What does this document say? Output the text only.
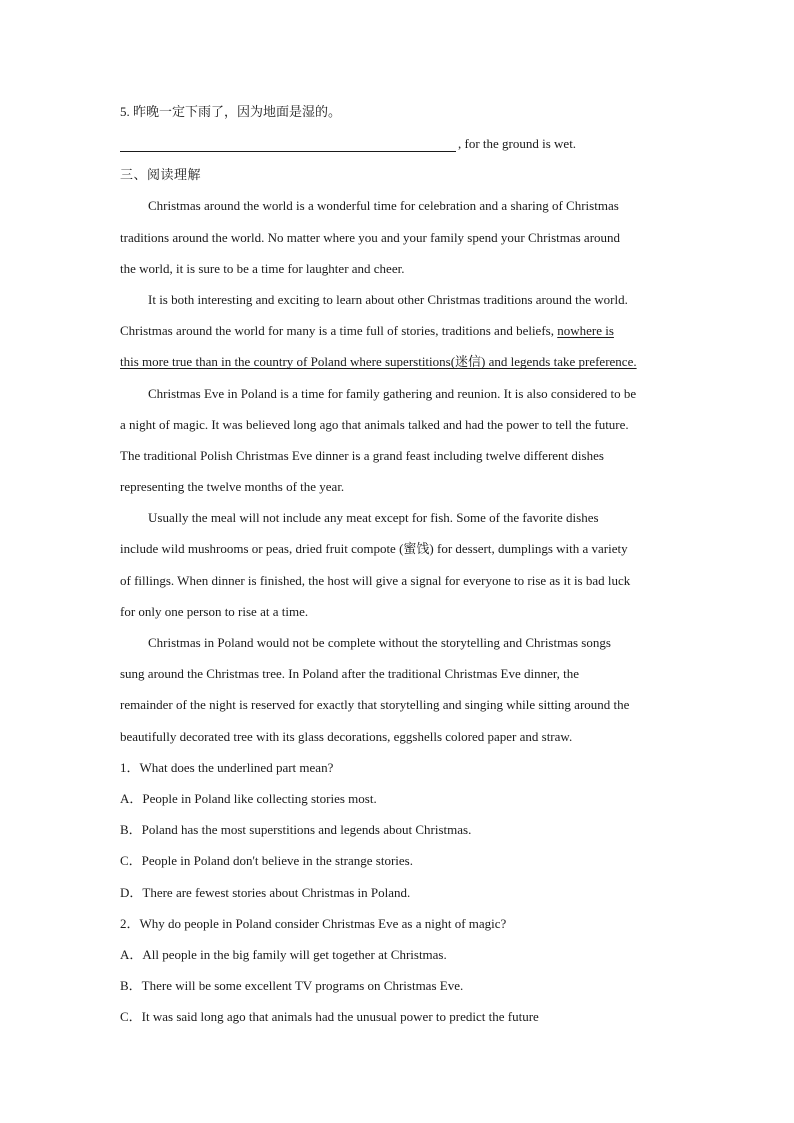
5. 昨晚一定下雨了，因为地面是湿的。
, for the ground is wet.
三、阅读理解
Christmas around the world is a wonderful time for celebration and a sharing of Christmas
traditions around the world. No matter where you and your family spend your Christmas around
the world, it is sure to be a time for laughter and cheer.
It is both interesting and exciting to learn about other Christmas traditions around the world.
Christmas around the world for many is a time full of stories, traditions and beliefs, nowhere is
this more true than in the country of Poland where superstitions(迷信) and legends take preference.
Christmas Eve in Poland is a time for family gathering and reunion. It is also considered to be
a night of magic. It was believed long ago that animals talked and had the power to tell the future.
The traditional Polish Christmas Eve dinner is a grand feast including twelve different dishes
representing the twelve months of the year.
Usually the meal will not include any meat except for fish. Some of the favorite dishes
include wild mushrooms or peas, dried fruit compote (蜜饯) for dessert, dumplings with a variety
of fillings. When dinner is finished, the host will give a signal for everyone to rise as it is bad luck
for only one person to rise at a time.
Christmas in Poland would not be complete without the storytelling and Christmas songs
sung around the Christmas tree. In Poland after the traditional Christmas Eve dinner, the
remainder of the night is reserved for exactly that storytelling and singing while sitting around the
beautifully decorated tree with its glass decorations, eggshells colored paper and straw.
1．What does the underlined part mean?
A．People in Poland like collecting stories most.
B．Poland has the most superstitions and legends about Christmas.
C．People in Poland don't believe in the strange stories.
D．There are fewest stories about Christmas in Poland.
2．Why do people in Poland consider Christmas Eve as a night of magic?
A．All people in the big family will get together at Christmas.
B．There will be some excellent TV programs on Christmas Eve.
C．It was said long ago that animals had the unusual power to predict the future
